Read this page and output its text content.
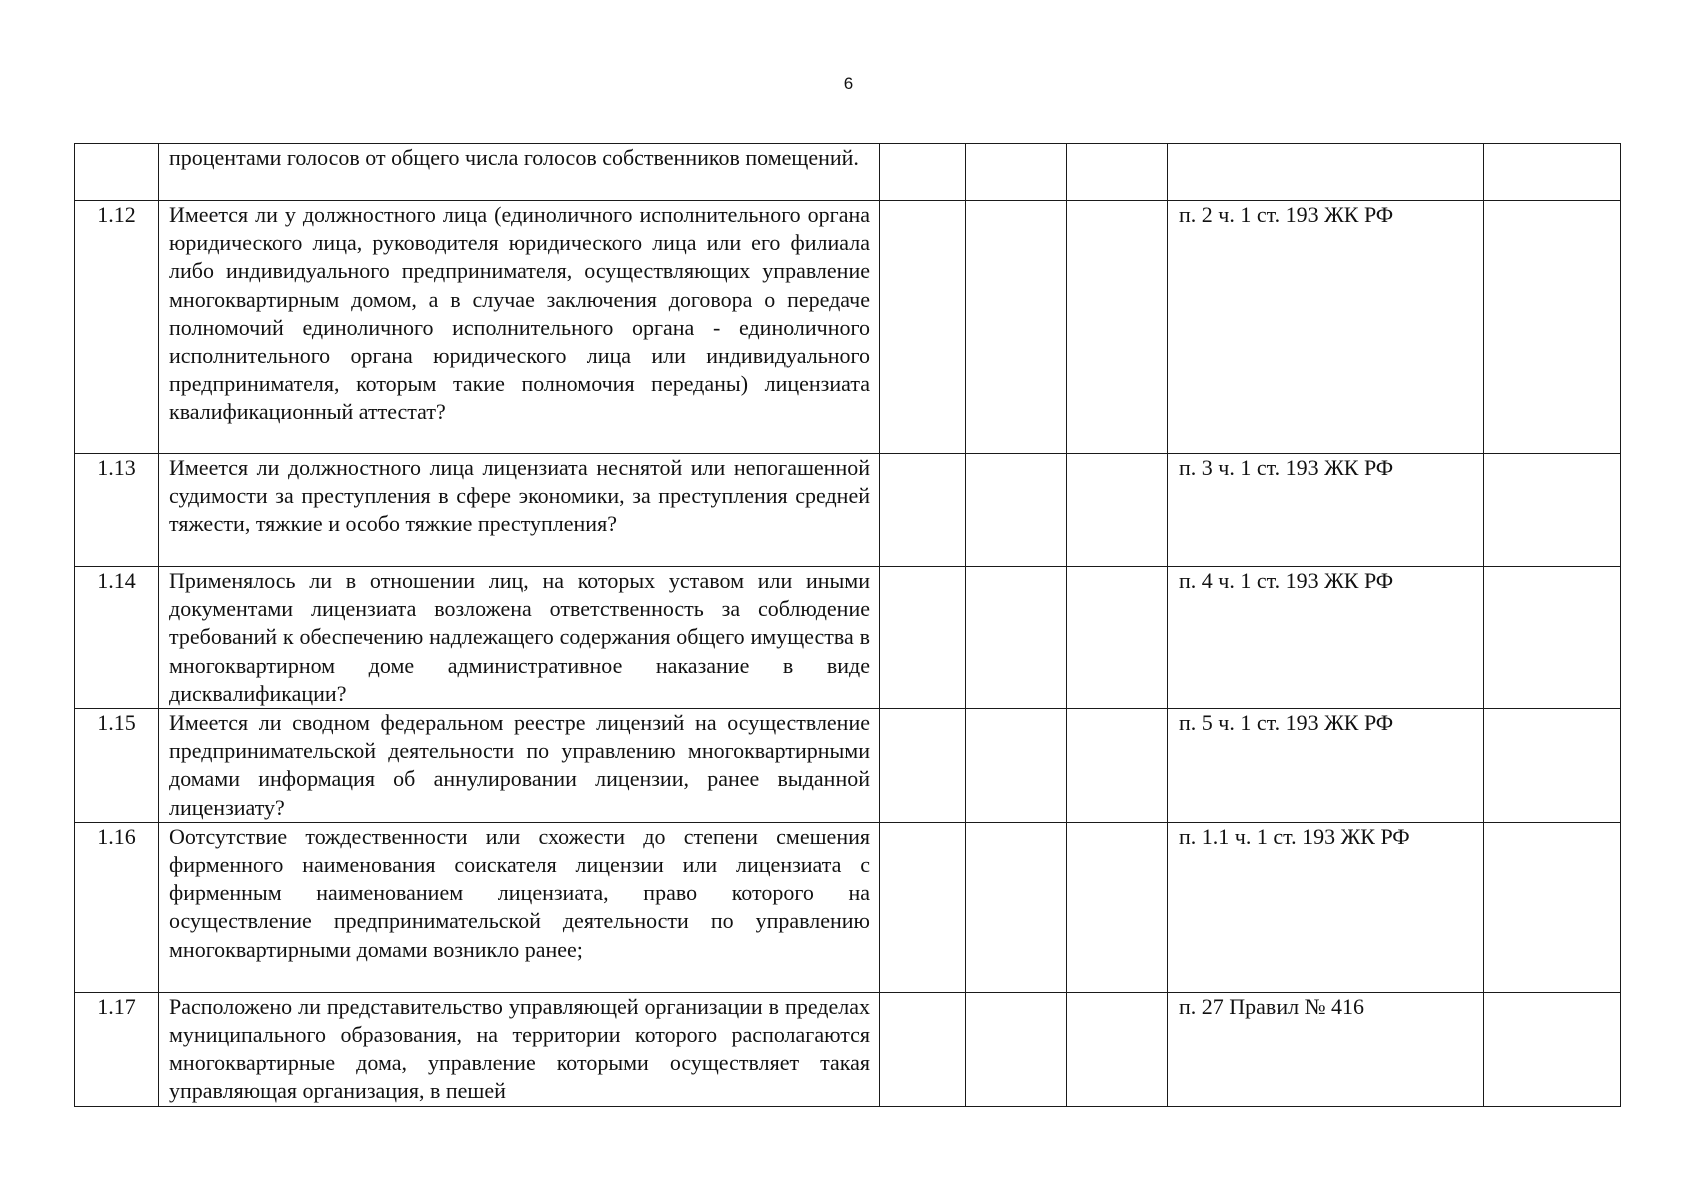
6

	процентами голосов от общего числа голосов собственников помещений.					

1.12	Имеется ли у должностного лица (единоличного исполнительного органа юридического лица, руководителя юридического лица или его филиала либо индивидуального предпринимателя, осуществляющих управление многоквартирным домом, а в случае заключения договора о передаче полномочий единоличного исполнительного органа - единоличного исполнительного органа юридического лица или индивидуального предпринимателя, которым такие полномочия переданы) лицензиата квалификационный аттестат?				п. 2 ч. 1 ст. 193 ЖК РФ	
1.13	Имеется ли должностного лица лицензиата неснятой или непогашенной судимости за преступления в сфере экономики, за преступления средней тяжести, тяжкие и особо тяжкие преступления?				п. 3 ч. 1 ст. 193 ЖК РФ	
1.14	Применялось ли в отношении лиц, на которых уставом или иными документами лицензиата возложена ответственность за соблюдение требований к обеспечению надлежащего содержания общего имущества в многоквартирном доме административное наказание в виде дисквалификации?				п. 4 ч. 1 ст. 193 ЖК РФ	
1.15	Имеется ли сводном федеральном реестре лицензий на осуществление предпринимательской деятельности по управлению многоквартирными домами информация об аннулировании лицензии, ранее выданной лицензиату?				п. 5 ч. 1 ст. 193 ЖК РФ	
1.16	Оотсутствие тождественности или схожести до степени смешения фирменного наименования соискателя лицензии или лицензиата с фирменным наименованием лицензиата, право которого на осуществление предпринимательской деятельности по управлению многоквартирными домами возникло ранее;				п. 1.1 ч. 1 ст. 193 ЖК РФ	
1.17	Расположено ли представительство управляющей организации в пределах муниципального образования, на территории которого располагаются многоквартирные дома, управление которыми осуществляет такая управляющая организация, в пешей				п. 27 Правил № 416	
